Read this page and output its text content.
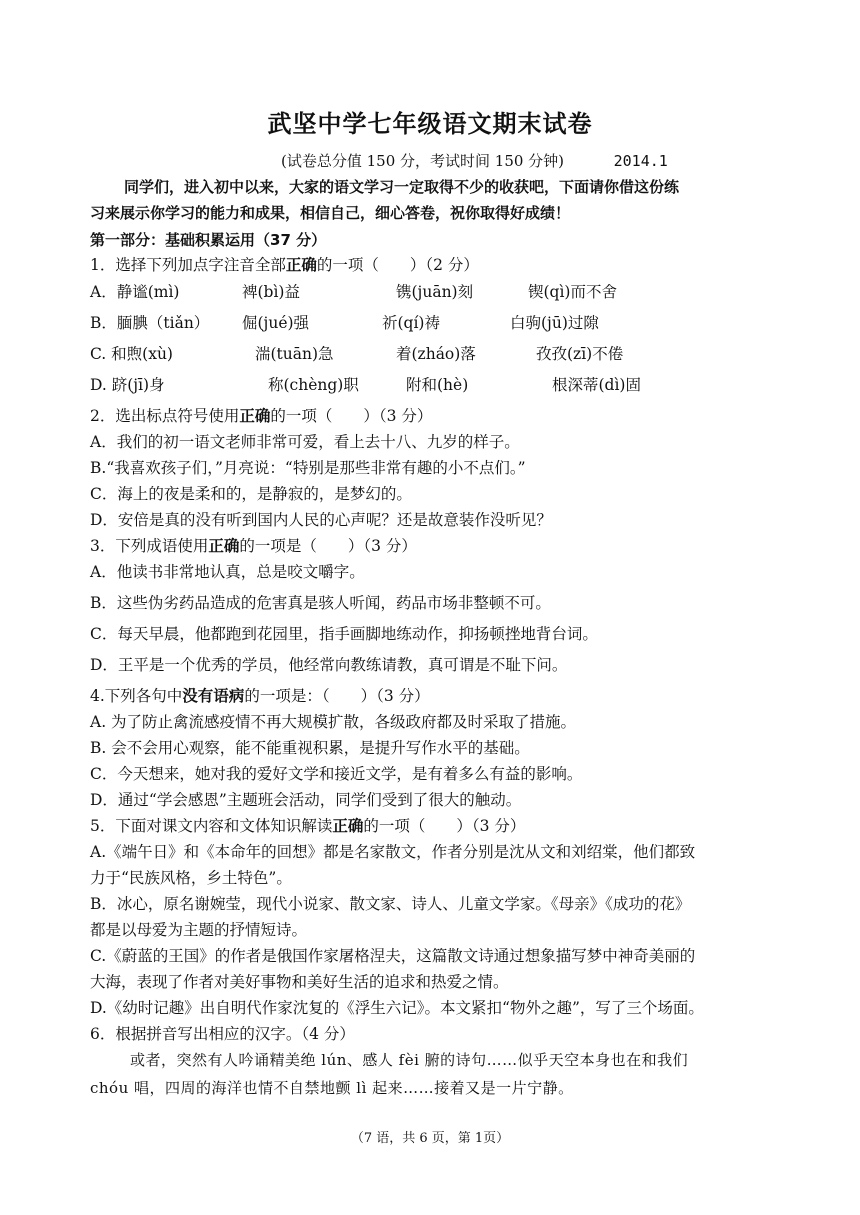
武坚中学七年级语文期末试卷
(试卷总分值 150 分，考试时间 150 分钟)	2014.1
同学们，进入初中以来，大家的语文学习一定取得不少的收获吧，下面请你借这份练
习来展示你学习的能力和成果，相信自己，细心答卷，祝你取得好成绩！
第一部分：基础积累运用（37 分）
1．选择下列加点字注音全部正确的一项（　　）（2 分）
A．静谧(mì)	裨(bì)益	镌(juān)刻	锲(qì)而不舍
B．腼腆（tiǎn） 倔(jué)强	祈(qí)祷	白驹(jū)过隙
C. 和煦(xù)	湍(tuān)急	着(zháo)落	孜孜(zī)不倦
D. 跻(jī)身	称(chèng)职	附和(hè)	根深蒂(dì)固
2．选出标点符号使用正确的一项（　　）（3 分）
A．我们的初一语文老师非常可爱，看上去十八、九岁的样子。
B.“我喜欢孩子们，”月亮说：“特别是那些非常有趣的小不点们。”
C．海上的夜是柔和的，是静寂的，是梦幻的。
D．安倍是真的没有听到国内人民的心声呢？还是故意装作没听见？
3．下列成语使用正确的一项是（　　）（3 分）
A．他读书非常地认真，总是咬文嚼字。
B．这些伪劣药品造成的危害真是骇人听闻，药品市场非整顿不可。
C．每天早晨，他都跑到花园里，指手画脚地练动作，抑扬顿挫地背台词。
D．王平是一个优秀的学员，他经常向教练请教，真可谓是不耻下问。
4.下列各句中没有语病的一项是：（　　）（3 分）
A. 为了防止禽流感疫情不再大规模扩散，各级政府都及时采取了措施。
B. 会不会用心观察，能不能重视积累，是提升写作水平的基础。
C．今天想来，她对我的爱好文学和接近文学，是有着多么有益的影响。
D．通过“学会感恩”主题班会活动，同学们受到了很大的触动。
5．下面对课文内容和文体知识解读正确的一项（　　）（3 分）
A.《端午日》和《本命年的回想》都是名家散文，作者分别是沈从文和刘绍棠，他们都致
力于“民族风格，乡土特色”。
B．冰心，原名谢婉莹，现代小说家、散文家、诗人、儿童文学家。《母亲》《成功的花》
都是以母爱为主题的抒情短诗。
C.《蔚蓝的王国》的作者是俄国作家屠格涅夫，这篇散文诗通过想象描写梦中神奇美丽的
大海，表现了作者对美好事物和美好生活的追求和热爱之情。
D.《幼时记趣》出自明代作家沈复的《浮生六记》。本文紧扣“物外之趣”，写了三个场面。
6．根据拼音写出相应的汉字。（4 分）
或者，突然有人吟诵精美绝 lún、感人 fèi 腑的诗句……似乎天空本身也在和我们
chóu 唱，四周的海洋也情不自禁地颤 lì 起来……接着又是一片宁静。
（7 语，共 6 页，第 1页）
